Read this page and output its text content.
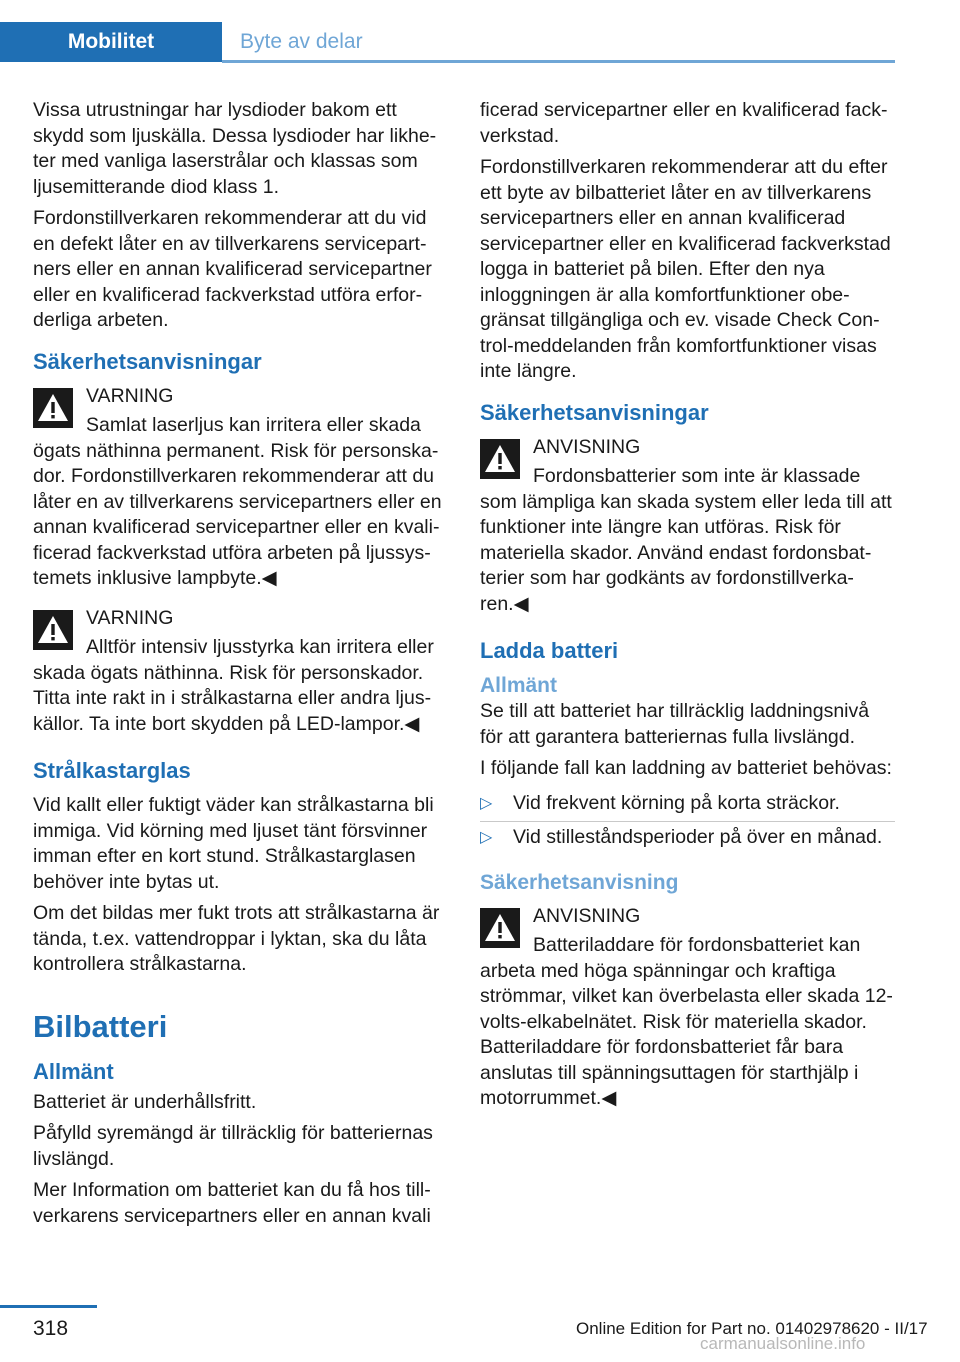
Mobilitet	Byte av delar

Vissa utrustningar har lysdioder bakom ett skydd som ljuskälla. Dessa lysdioder har likheter med vanliga laserstrålar och klassas som ljusemitterande diod klass 1.

Fordonstillverkaren rekommenderar att du vid en defekt låter en av tillverkarens servicepartners eller en annan kvalificerad servicepartner eller en kvalificerad fackverkstad utföra erforderliga arbeten.

Säkerhetsanvisningar
VARNING
Samlat laserljus kan irritera eller skada ögats näthinna permanent. Risk för personskador. Fordonstillverkaren rekommenderar att du låter en av tillverkarens servicepartners eller en annan kvalificerad servicepartner eller en kvalificerad fackverkstad utföra arbeten på ljussystemets inklusive lampbyte.◀
VARNING
Alltför intensiv ljusstyrka kan irritera eller skada ögats näthinna. Risk för personskador. Titta inte rakt in i strålkastarna eller andra ljuskällor. Ta inte bort skydden på LED-lampor.◀
Strålkastarglas

Vid kallt eller fuktigt väder kan strålkastarna bli immiga. Vid körning med ljuset tänt försvinner imman efter en kort stund. Strålkastarglasen behöver inte bytas ut.

Om det bildas mer fukt trots att strålkastarna är tända, t.ex. vattendroppar i lyktan, ska du låta kontrollera strålkastarna.

Bilbatteri
Allmänt

Batteriet är underhållsfritt.

Påfylld syremängd är tillräcklig för batteriernas livslängd.

Mer Information om batteriet kan du få hos tillverkarens servicepartners eller en annan kvali

ficerad servicepartner eller en kvalificerad fackverkstad.

Fordonstillverkaren rekommenderar att du efter ett byte av bilbatteriet låter en av tillverkarens servicepartners eller en annan kvalificerad servicepartner eller en kvalificerad fackverkstad logga in batteriet på bilen. Efter den nya inloggningen är alla komfortfunktioner obegränsat tillgängliga och ev. visade Check Control-meddelanden från komfortfunktioner visas inte längre.

Säkerhetsanvisningar
ANVISNING
Fordonsbatterier som inte är klassade som lämpliga kan skada system eller leda till att funktioner inte längre kan utföras. Risk för materiella skador. Använd endast fordonsbatterier som har godkänts av fordonstillverkaren.◀
Ladda batteri
Allmänt

Se till att batteriet har tillräcklig laddningsnivå för att garantera batteriernas fulla livslängd.

I följande fall kan laddning av batteriet behövas:

▷ Vid frekvent körning på korta sträckor.
▷ Vid stilleståndsperioder på över en månad.
Säkerhetsanvisning
ANVISNING
Batteriladdare för fordonsbatteriet kan arbeta med höga spänningar och kraftiga strömmar, vilket kan överbelasta eller skada 12-volts-elkabelnätet. Risk för materiella skador. Batteriladdare för fordonsbatteriet får bara anslutas till spänningsuttagen för starthjälp i motorrummet.◀
318	Online Edition for Part no. 01402978620 - II/17
carmanualsonline.info
